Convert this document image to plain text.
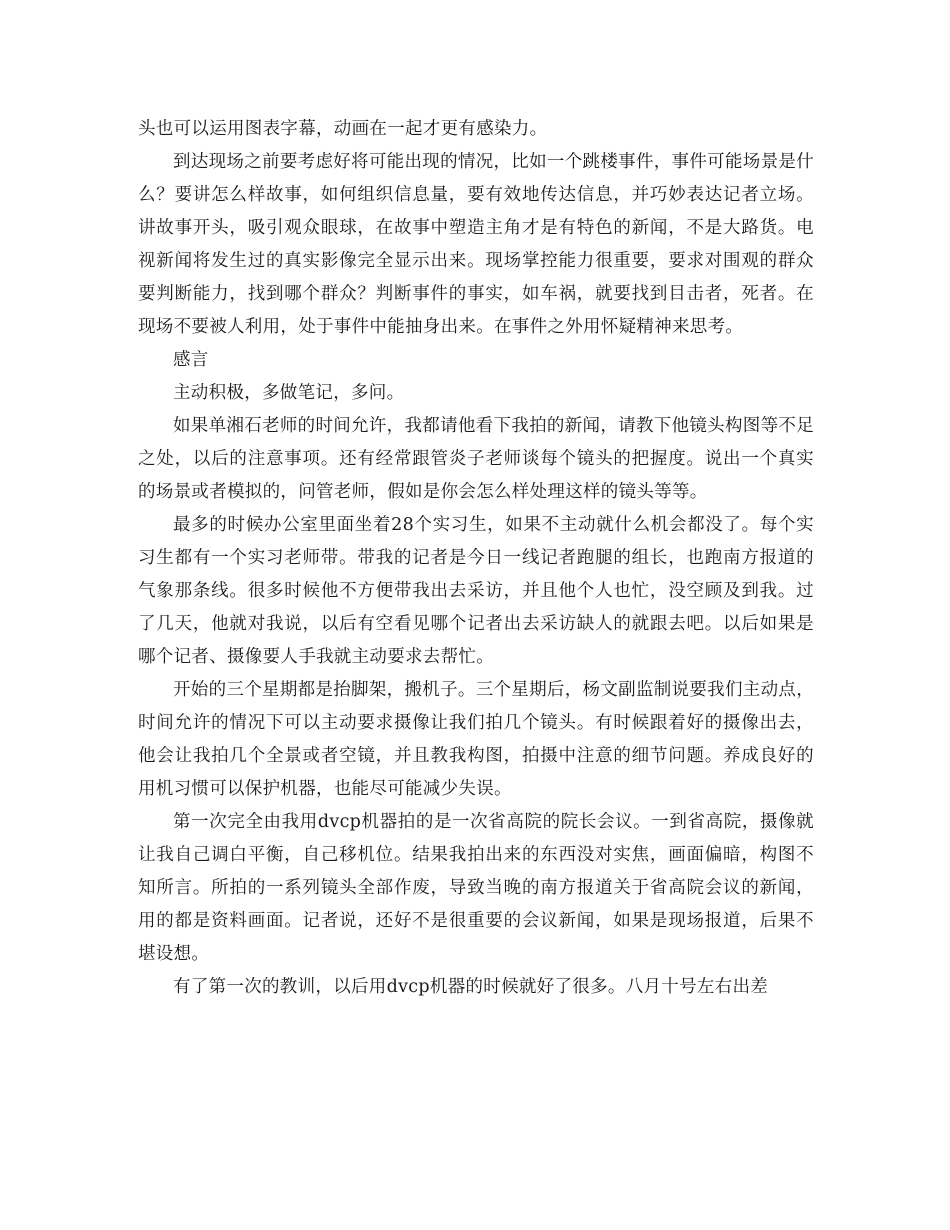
头也可以运用图表字幕，动画在一起才更有感染力。

到达现场之前要考虑好将可能出现的情况，比如一个跳楼事件，事件可能场景是什么？要讲怎么样故事，如何组织信息量，要有效地传达信息，并巧妙表达记者立场。讲故事开头，吸引观众眼球，在故事中塑造主角才是有特色的新闻，不是大路货。电视新闻将发生过的真实影像完全显示出来。现场掌控能力很重要，要求对围观的群众要判断能力，找到哪个群众？判断事件的事实，如车祸，就要找到目击者，死者。在现场不要被人利用，处于事件中能抽身出来。在事件之外用怀疑精神来思考。

感言

主动积极，多做笔记，多问。

如果单湘石老师的时间允许，我都请他看下我拍的新闻，请教下他镜头构图等不足之处，以后的注意事项。还有经常跟管炎子老师谈每个镜头的把握度。说出一个真实的场景或者模拟的，问管老师，假如是你会怎么样处理这样的镜头等等。

最多的时候办公室里面坐着28个实习生，如果不主动就什么机会都没了。每个实习生都有一个实习老师带。带我的记者是今日一线记者跑腿的组长，也跑南方报道的气象那条线。很多时候他不方便带我出去采访，并且他个人也忙，没空顾及到我。过了几天，他就对我说，以后有空看见哪个记者出去采访缺人的就跟去吧。以后如果是哪个记者、摄像要人手我就主动要求去帮忙。

开始的三个星期都是抬脚架，搬机子。三个星期后，杨文副监制说要我们主动点，时间允许的情况下可以主动要求摄像让我们拍几个镜头。有时候跟着好的摄像出去，他会让我拍几个全景或者空镜，并且教我构图，拍摄中注意的细节问题。养成良好的用机习惯可以保护机器，也能尽可能减少失误。

第一次完全由我用dvcp机器拍的是一次省高院的院长会议。一到省高院，摄像就让我自己调白平衡，自己移机位。结果我拍出来的东西没对实焦，画面偏暗，构图不知所言。所拍的一系列镜头全部作废，导致当晚的南方报道关于省高院会议的新闻，用的都是资料画面。记者说，还好不是很重要的会议新闻，如果是现场报道，后果不堪设想。

有了第一次的教训，以后用dvcp机器的时候就好了很多。八月十号左右出差
